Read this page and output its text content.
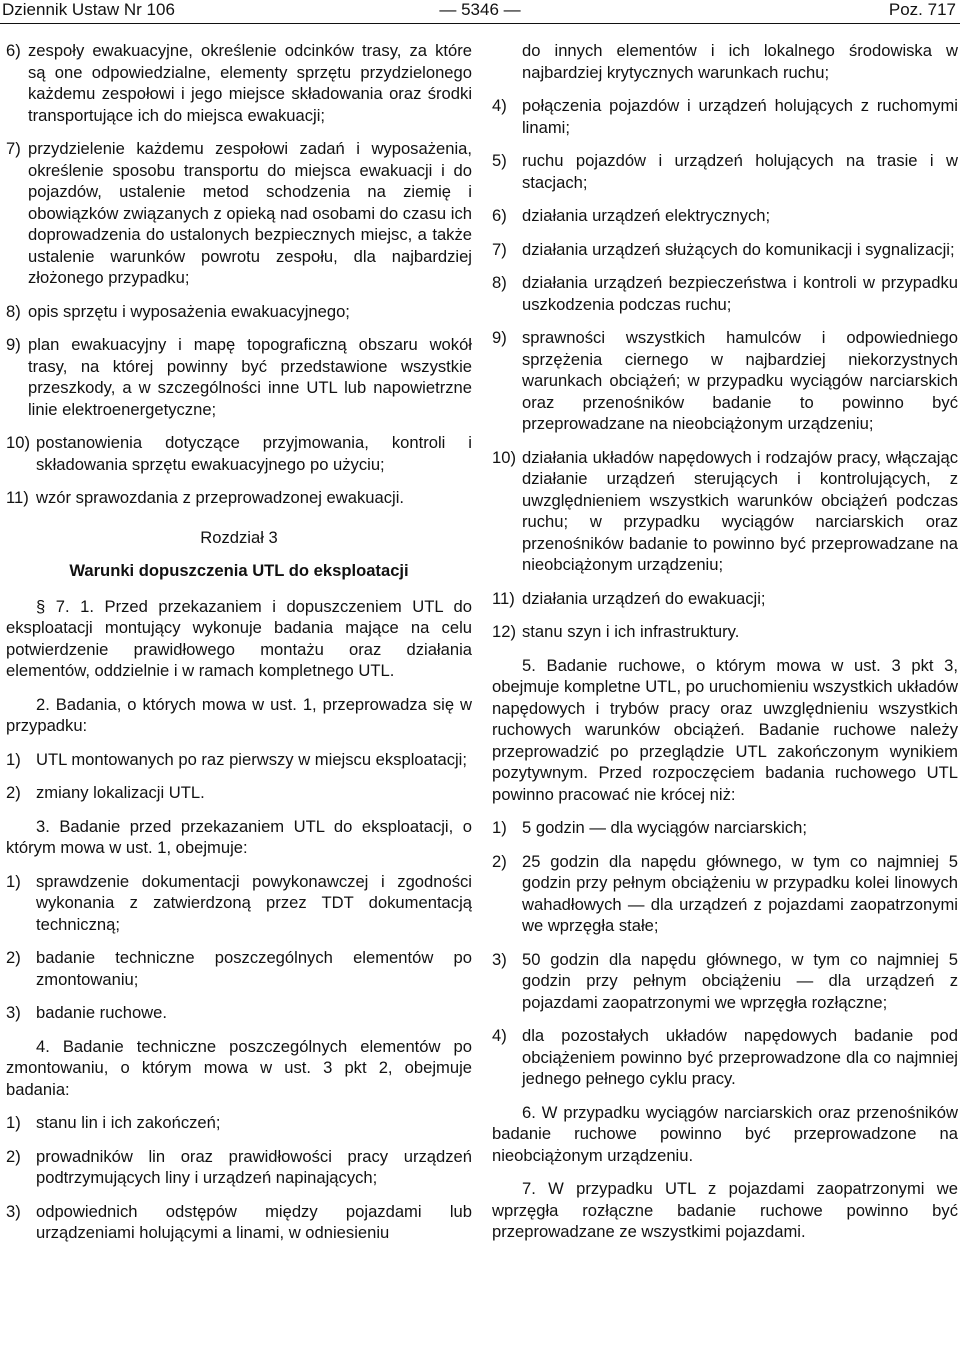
Dziennik Ustaw Nr 106	— 5346 —	Poz. 717
6) zespoły ewakuacyjne, określenie odcinków trasy, za które są one odpowiedzialne, elementy sprzętu przydzielonego każdemu zespołowi i jego miejsce składowania oraz środki transportujące ich do miejsca ewakuacji;
7) przydzielenie każdemu zespołowi zadań i wyposażenia, określenie sposobu transportu do miejsca ewakuacji i do pojazdów, ustalenie metod schodzenia na ziemię i obowiązków związanych z opieką nad osobami do czasu ich doprowadzenia do ustalonych bezpiecznych miejsc, a także ustalenie warunków powrotu zespołu, dla najbardziej złożonego przypadku;
8) opis sprzętu i wyposażenia ewakuacyjnego;
9) plan ewakuacyjny i mapę topograficzną obszaru wokół trasy, na której powinny być przedstawione wszystkie przeszkody, a w szczególności inne UTL lub napowietrzne linie elektroenergetyczne;
10) postanowienia dotyczące przyjmowania, kontroli i składowania sprzętu ewakuacyjnego po użyciu;
11) wzór sprawozdania z przeprowadzonej ewakuacji.
Rozdział 3
Warunki dopuszczenia UTL do eksploatacji
§ 7. 1. Przed przekazaniem i dopuszczeniem UTL do eksploatacji montujący wykonuje badania mające na celu potwierdzenie prawidłowego montażu oraz działania elementów, oddzielnie i w ramach kompletnego UTL.
2. Badania, o których mowa w ust. 1, przeprowadza się w przypadku:
1) UTL montowanych po raz pierwszy w miejscu eksploatacji;
2) zmiany lokalizacji UTL.
3. Badanie przed przekazaniem UTL do eksploatacji, o którym mowa w ust. 1, obejmuje:
1) sprawdzenie dokumentacji powykonawczej i zgodności wykonania z zatwierdzoną przez TDT dokumentacją techniczną;
2) badanie techniczne poszczególnych elementów po zmontowaniu;
3) badanie ruchowe.
4. Badanie techniczne poszczególnych elementów po zmontowaniu, o którym mowa w ust. 3 pkt 2, obejmuje badania:
1) stanu lin i ich zakończeń;
2) prowadników lin oraz prawidłowości pracy urządzeń podtrzymujących liny i urządzeń napinających;
3) odpowiednich odstępów między pojazdami lub urządzeniami holującymi a linami, w odniesieniu
do innych elementów i ich lokalnego środowiska w najbardziej krytycznych warunkach ruchu;
4) połączenia pojazdów i urządzeń holujących z ruchomymi linami;
5) ruchu pojazdów i urządzeń holujących na trasie i w stacjach;
6) działania urządzeń elektrycznych;
7) działania urządzeń służących do komunikacji i sygnalizacji;
8) działania urządzeń bezpieczeństwa i kontroli w przypadku uszkodzenia podczas ruchu;
9) sprawności wszystkich hamulców i odpowiedniego sprzężenia ciernego w najbardziej niekorzystnych warunkach obciążeń; w przypadku wyciągów narciarskich oraz przenośników badanie to powinno być przeprowadzane na nieobciążonym urządzeniu;
10) działania układów napędowych i rodzajów pracy, włączając działanie urządzeń sterujących i kontrolujących, z uwzględnieniem wszystkich warunków obciążeń podczas ruchu; w przypadku wyciągów narciarskich oraz przenośników badanie to powinno być przeprowadzane na nieobciążonym urządzeniu;
11) działania urządzeń do ewakuacji;
12) stanu szyn i ich infrastruktury.
5. Badanie ruchowe, o którym mowa w ust. 3 pkt 3, obejmuje kompletne UTL, po uruchomieniu wszystkich układów napędowych i trybów pracy oraz uwzględnieniu wszystkich ruchowych warunków obciążeń. Badanie ruchowe należy przeprowadzić po przeglądzie UTL zakończonym wynikiem pozytywnym. Przed rozpoczęciem badania ruchowego UTL powinno pracować nie krócej niż:
1) 5 godzin — dla wyciągów narciarskich;
2) 25 godzin dla napędu głównego, w tym co najmniej 5 godzin przy pełnym obciążeniu w przypadku kolei linowych wahadłowych — dla urządzeń z pojazdami zaopatrzonymi we wprzęgła stałe;
3) 50 godzin dla napędu głównego, w tym co najmniej 5 godzin przy pełnym obciążeniu — dla urządzeń z pojazdami zaopatrzonymi we wprzęgła rozłączne;
4) dla pozostałych układów napędowych badanie pod obciążeniem powinno być przeprowadzone dla co najmniej jednego pełnego cyklu pracy.
6. W przypadku wyciągów narciarskich oraz przenośników badanie ruchowe powinno być przeprowadzone na nieobciążonym urządzeniu.
7. W przypadku UTL z pojazdami zaopatrzonymi we wprzęgła rozłączne badanie ruchowe powinno być przeprowadzane ze wszystkimi pojazdami.
